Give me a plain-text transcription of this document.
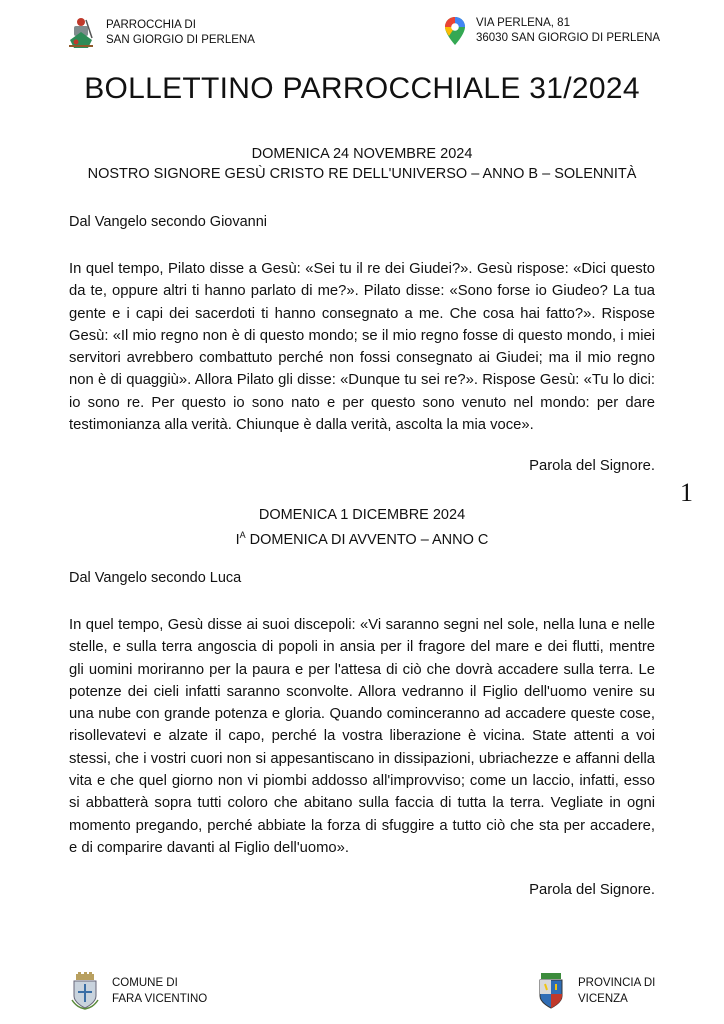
PARROCCHIA DI
SAN GIORGIO DI PERLENA
VIA PERLENA, 81
36030 SAN GIORGIO DI PERLENA
BOLLETTINO PARROCCHIALE 31/2024
DOMENICA 24 NOVEMBRE 2024
NOSTRO SIGNORE GESÙ CRISTO RE DELL'UNIVERSO – ANNO B – SOLENNITÀ
Dal Vangelo secondo Giovanni
In quel tempo, Pilato disse a Gesù: «Sei tu il re dei Giudei?». Gesù rispose: «Dici questo da te, oppure altri ti hanno parlato di me?». Pilato disse: «Sono forse io Giudeo? La tua gente e i capi dei sacerdoti ti hanno consegnato a me. Che cosa hai fatto?». Rispose Gesù: «Il mio regno non è di questo mondo; se il mio regno fosse di questo mondo, i miei servitori avrebbero combattuto perché non fossi consegnato ai Giudei; ma il mio regno non è di quaggiù». Allora Pilato gli disse: «Dunque tu sei re?». Rispose Gesù: «Tu lo dici: io sono re. Per questo io sono nato e per questo sono venuto nel mondo: per dare testimonianza alla verità. Chiunque è dalla verità, ascolta la mia voce».
Parola del Signore.
1
DOMENICA 1 DICEMBRE 2024
$I^A$ DOMENICA DI AVVENTO – ANNO C
Dal Vangelo secondo Luca
In quel tempo, Gesù disse ai suoi discepoli: «Vi saranno segni nel sole, nella luna e nelle stelle, e sulla terra angoscia di popoli in ansia per il fragore del mare e dei flutti, mentre gli uomini moriranno per la paura e per l'attesa di ciò che dovrà accadere sulla terra. Le potenze dei cieli infatti saranno sconvolte. Allora vedranno il Figlio dell'uomo venire su una nube con grande potenza e gloria. Quando cominceranno ad accadere queste cose, risollevatevi e alzate il capo, perché la vostra liberazione è vicina. State attenti a voi stessi, che i vostri cuori non si appesantiscano in dissipazioni, ubriachezze e affanni della vita e che quel giorno non vi piombi addosso all'improvviso; come un laccio, infatti, esso si abbatterà sopra tutti coloro che abitano sulla faccia di tutta la terra. Vegliate in ogni momento pregando, perché abbiate la forza di sfuggire a tutto ciò che sta per accadere, e di comparire davanti al Figlio dell'uomo».
Parola del Signore.
COMUNE DI
FARA VICENTINO
PROVINCIA DI
VICENZA
